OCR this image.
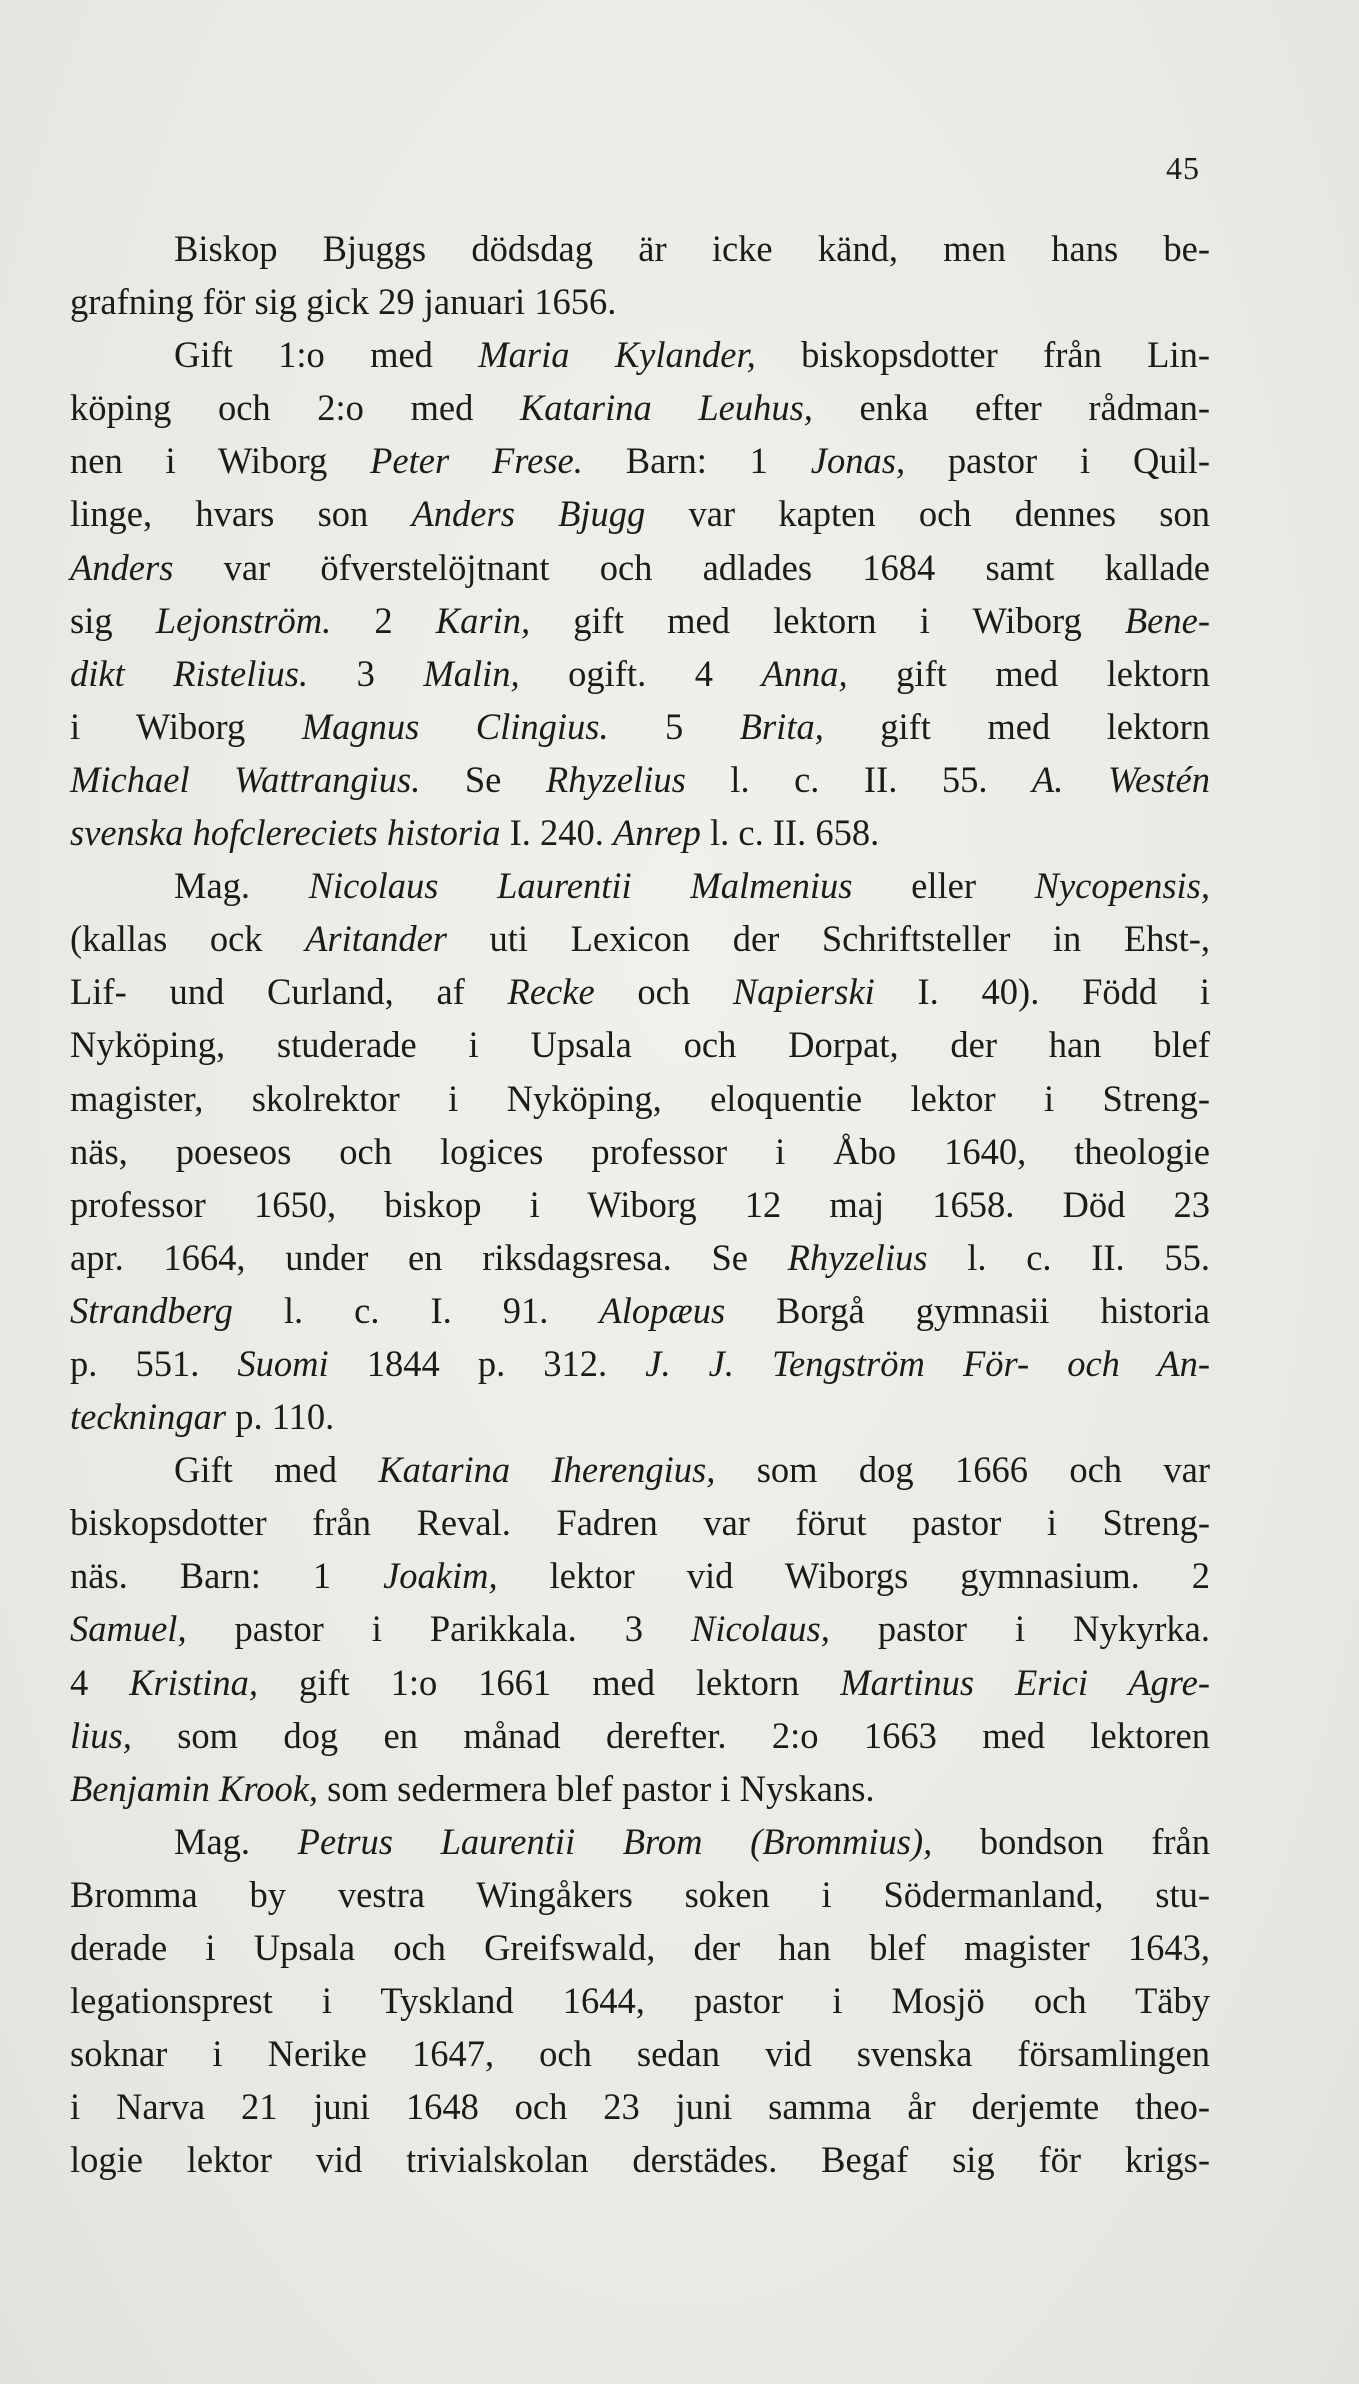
45
Biskop Bjuggs dödsdag är icke känd, men hans be-
grafning för sig gick 29 januari 1656.
Gift 1:o med Maria Kylander, biskopsdotter från Lin-
köping och 2:o med Katarina Leuhus, enka efter rådman-
nen i Wiborg Peter Frese. Barn: 1 Jonas, pastor i Quil-
linge, hvars son Anders Bjugg var kapten och dennes son
Anders var öfverstelöjtnant och adlades 1684 samt kallade
sig Lejonström. 2 Karin, gift med lektorn i Wiborg Bene-
dikt Ristelius. 3 Malin, ogift. 4 Anna, gift med lektorn
i Wiborg Magnus Clingius. 5 Brita, gift med lektorn
Michael Wattrangius. Se Rhyzelius l. c. II. 55. A. Westén
svenska hofclereciets historia I. 240. Anrep l. c. II. 658.
Mag. Nicolaus Laurentii Malmenius eller Nycopensis,
(kallas ock Aritander uti Lexicon der Schriftsteller in Ehst-,
Lif- und Curland, af Recke och Napierski I. 40). Född i
Nyköping, studerade i Upsala och Dorpat, der han blef
magister, skolrektor i Nyköping, eloquentie lektor i Streng-
näs, poeseos och logices professor i Åbo 1640, theologie
professor 1650, biskop i Wiborg 12 maj 1658. Död 23
apr. 1664, under en riksdagsresa. Se Rhyzelius l. c. II. 55.
Strandberg l. c. I. 91. Alopæus Borgå gymnasii historia
p. 551. Suomi 1844 p. 312. J. J. Tengström För- och An-
teckningar p. 110.
Gift med Katarina Iherengius, som dog 1666 och var
biskopsdotter från Reval. Fadren var förut pastor i Streng-
näs. Barn: 1 Joakim, lektor vid Wiborgs gymnasium. 2
Samuel, pastor i Parikkala. 3 Nicolaus, pastor i Nykyrka.
4 Kristina, gift 1:o 1661 med lektorn Martinus Erici Agre-
lius, som dog en månad derefter. 2:o 1663 med lektoren
Benjamin Krook, som sedermera blef pastor i Nyskans.
Mag. Petrus Laurentii Brom (Brommius), bondson från
Bromma by vestra Wingåkers soken i Södermanland, stu-
derade i Upsala och Greifswald, der han blef magister 1643,
legationsprest i Tyskland 1644, pastor i Mosjö och Täby
soknar i Nerike 1647, och sedan vid svenska församlingen
i Narva 21 juni 1648 och 23 juni samma år derjemte theo-
logie lektor vid trivialskolan derstädes. Begaf sig för krigs-
